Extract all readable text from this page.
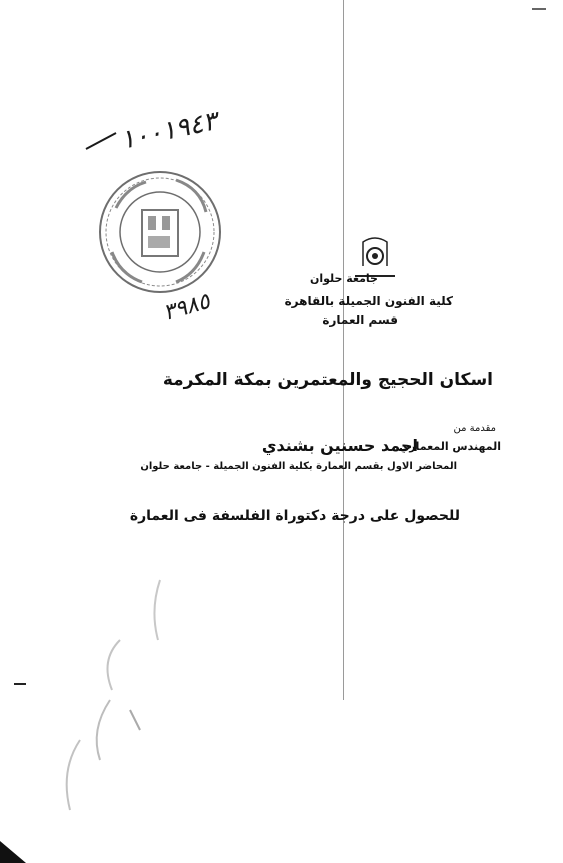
١٠٠١٩٤٣
٣٩٨٥
جامعة حلوان
كلية الفنون الجميلة بالقاهرة
قسم العمارة
اسكان الحجيج والمعتمرين بمكة المكرمة
مقدمة من
المهندس المعماري
احمد حسنين بشندي
المحاضر الاول بقسم العمارة بكلية الفنون الجميلة - جامعة حلوان
للحصول على درجة دكتوراة الفلسفة فى العمارة
